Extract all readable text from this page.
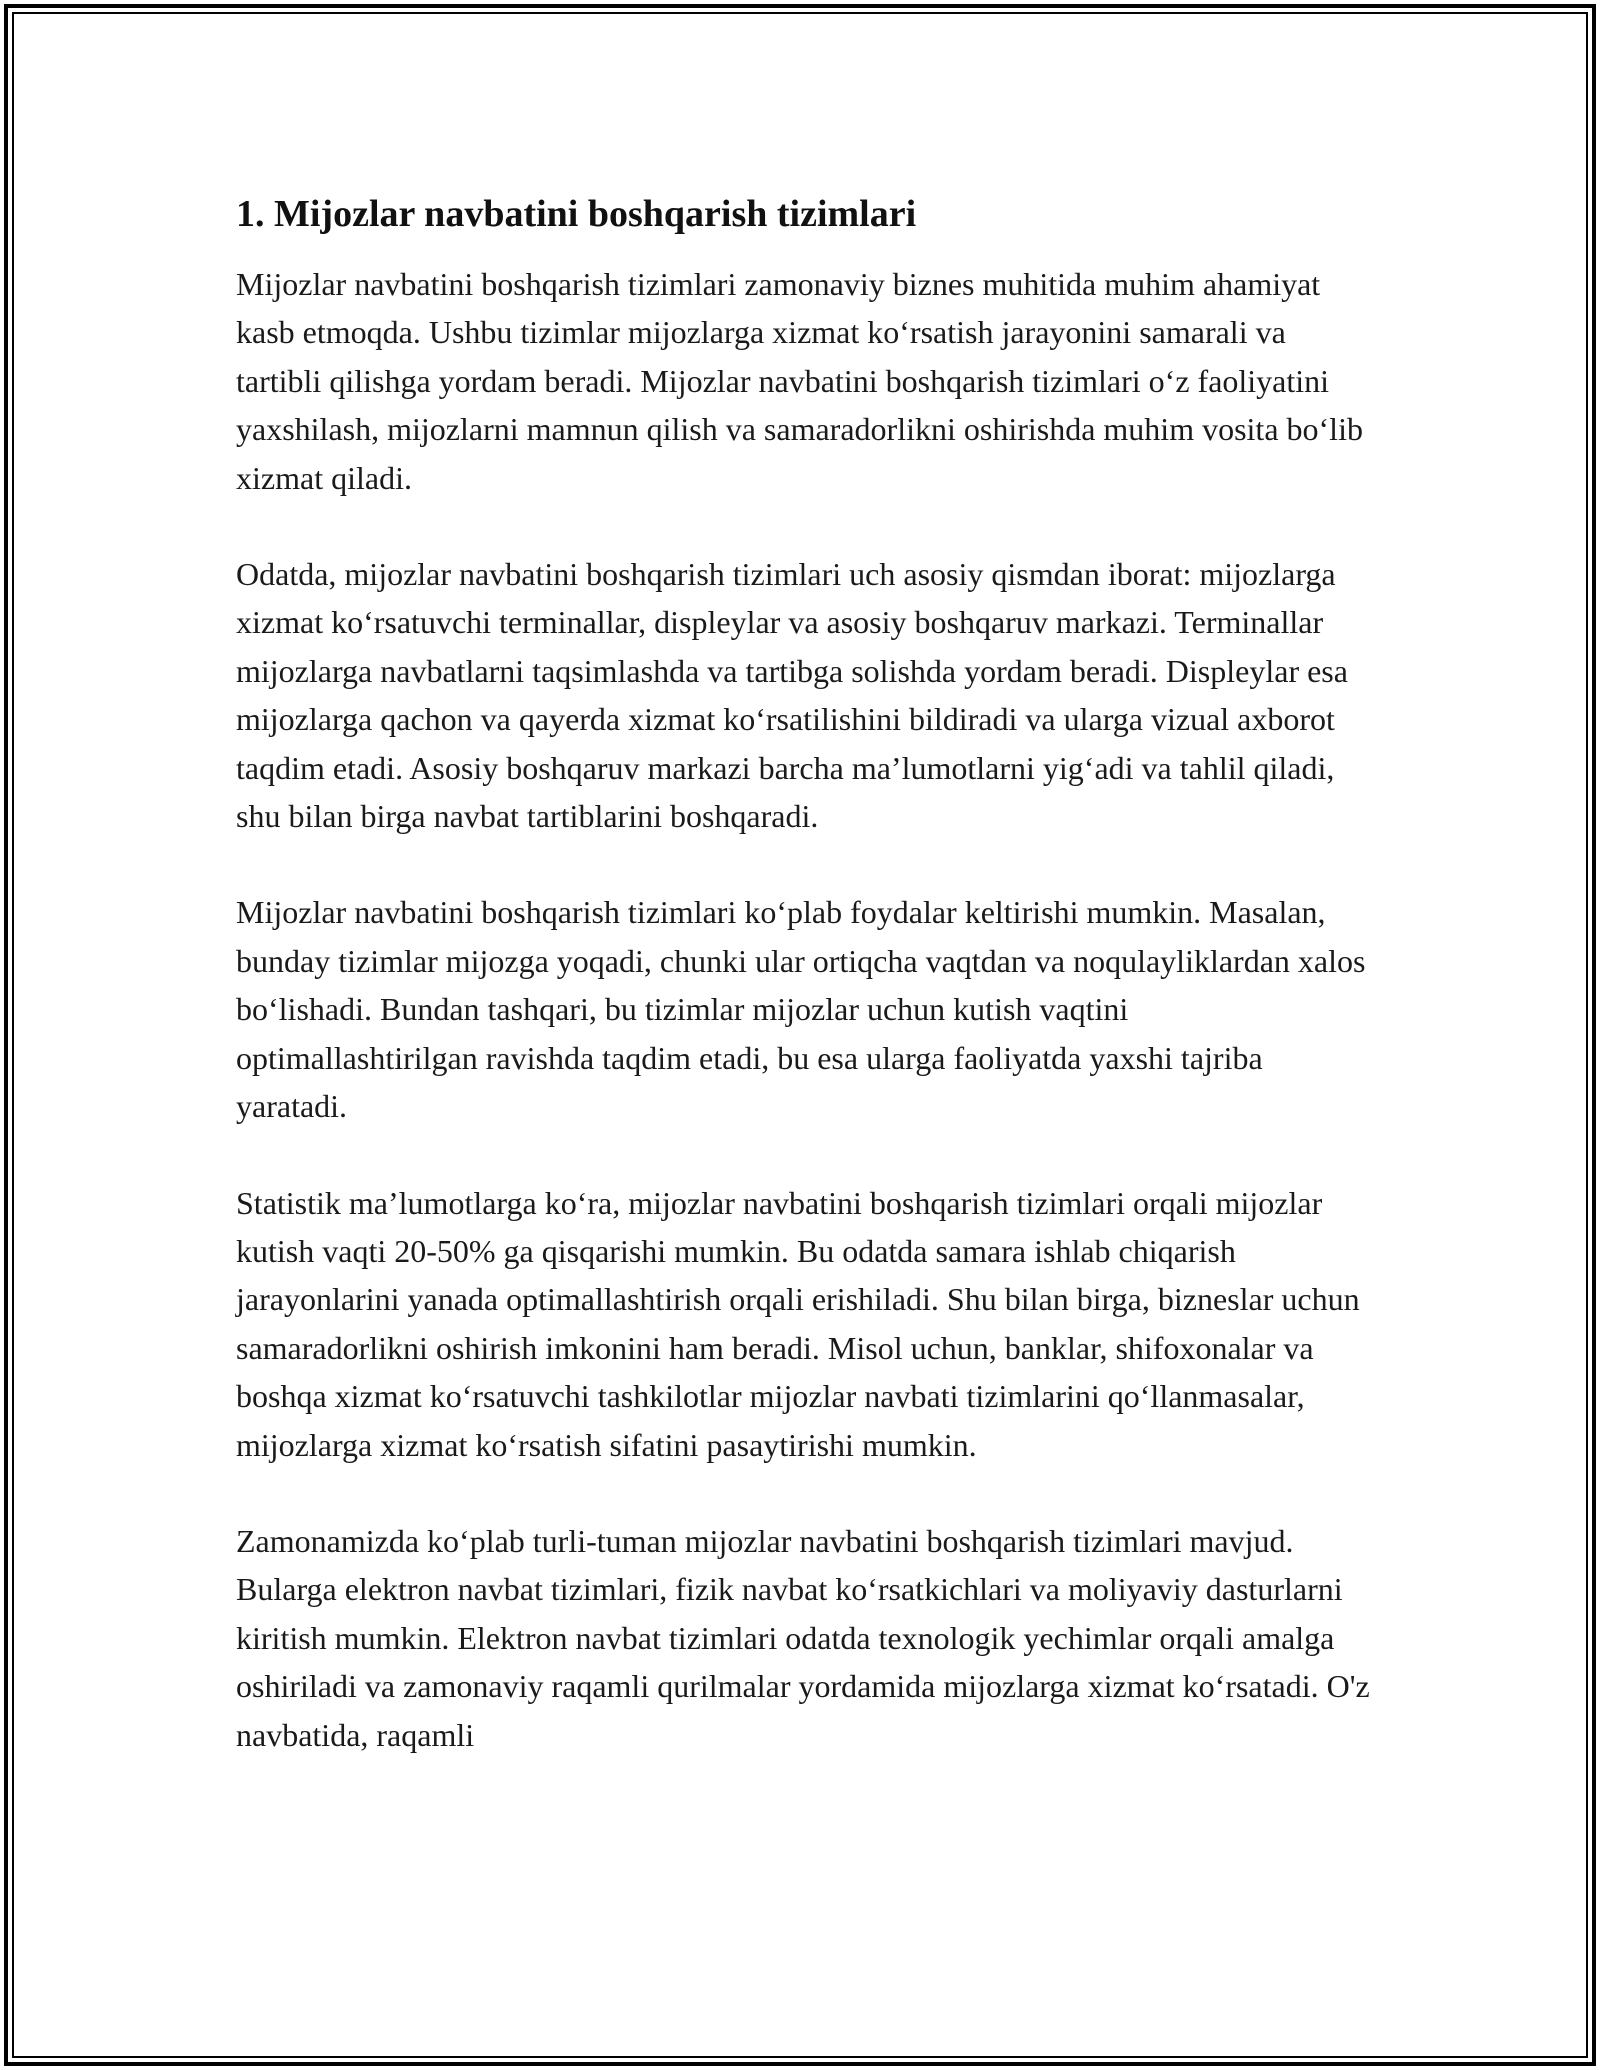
1. Mijozlar navbatini boshqarish tizimlari

Mijozlar navbatini boshqarish tizimlari zamonaviy biznes muhitida muhim ahamiyat kasb etmoqda. Ushbu tizimlar mijozlarga xizmat ko‘rsatish jarayonini samarali va tartibli qilishga yordam beradi. Mijozlar navbatini boshqarish tizimlari o‘z faoliyatini yaxshilash, mijozlarni mamnun qilish va samaradorlikni oshirishda muhim vosita bo‘lib xizmat qiladi.

Odatda, mijozlar navbatini boshqarish tizimlari uch asosiy qismdan iborat: mijozlarga xizmat ko‘rsatuvchi terminallar, displeylar va asosiy boshqaruv markazi. Terminallar mijozlarga navbatlarni taqsimlashda va tartibga solishda yordam beradi. Displeylar esa mijozlarga qachon va qayerda xizmat ko‘rsatilishini bildiradi va ularga vizual axborot taqdim etadi. Asosiy boshqaruv markazi barcha ma’lumotlarni yig‘adi va tahlil qiladi, shu bilan birga navbat tartiblarini boshqaradi.

Mijozlar navbatini boshqarish tizimlari ko‘plab foydalar keltirishi mumkin. Masalan, bunday tizimlar mijozga yoqadi, chunki ular ortiqcha vaqtdan va noqulayliklardan xalos bo‘lishadi. Bundan tashqari, bu tizimlar mijozlar uchun kutish vaqtini optimallashtirilgan ravishda taqdim etadi, bu esa ularga faoliyatda yaxshi tajriba yaratadi.

Statistik ma’lumotlarga ko‘ra, mijozlar navbatini boshqarish tizimlari orqali mijozlar kutish vaqti 20-50% ga qisqarishi mumkin. Bu odatda samara ishlab chiqarish jarayonlarini yanada optimallashtirish orqali erishiladi. Shu bilan birga, bizneslar uchun samaradorlikni oshirish imkonini ham beradi. Misol uchun, banklar, shifoxonalar va boshqa xizmat ko‘rsatuvchi tashkilotlar mijozlar navbati tizimlarini qo‘llanmasalar, mijozlarga xizmat ko‘rsatish sifatini pasaytirishi mumkin.

Zamonamizda ko‘plab turli-tuman mijozlar navbatini boshqarish tizimlari mavjud. Bularga elektron navbat tizimlari, fizik navbat ko‘rsatkichlari va moliyaviy dasturlarni kiritish mumkin. Elektron navbat tizimlari odatda texnologik yechimlar orqali amalga oshiriladi va zamonaviy raqamli qurilmalar yordamida mijozlarga xizmat ko‘rsatadi. O'z navbatida, raqamli
